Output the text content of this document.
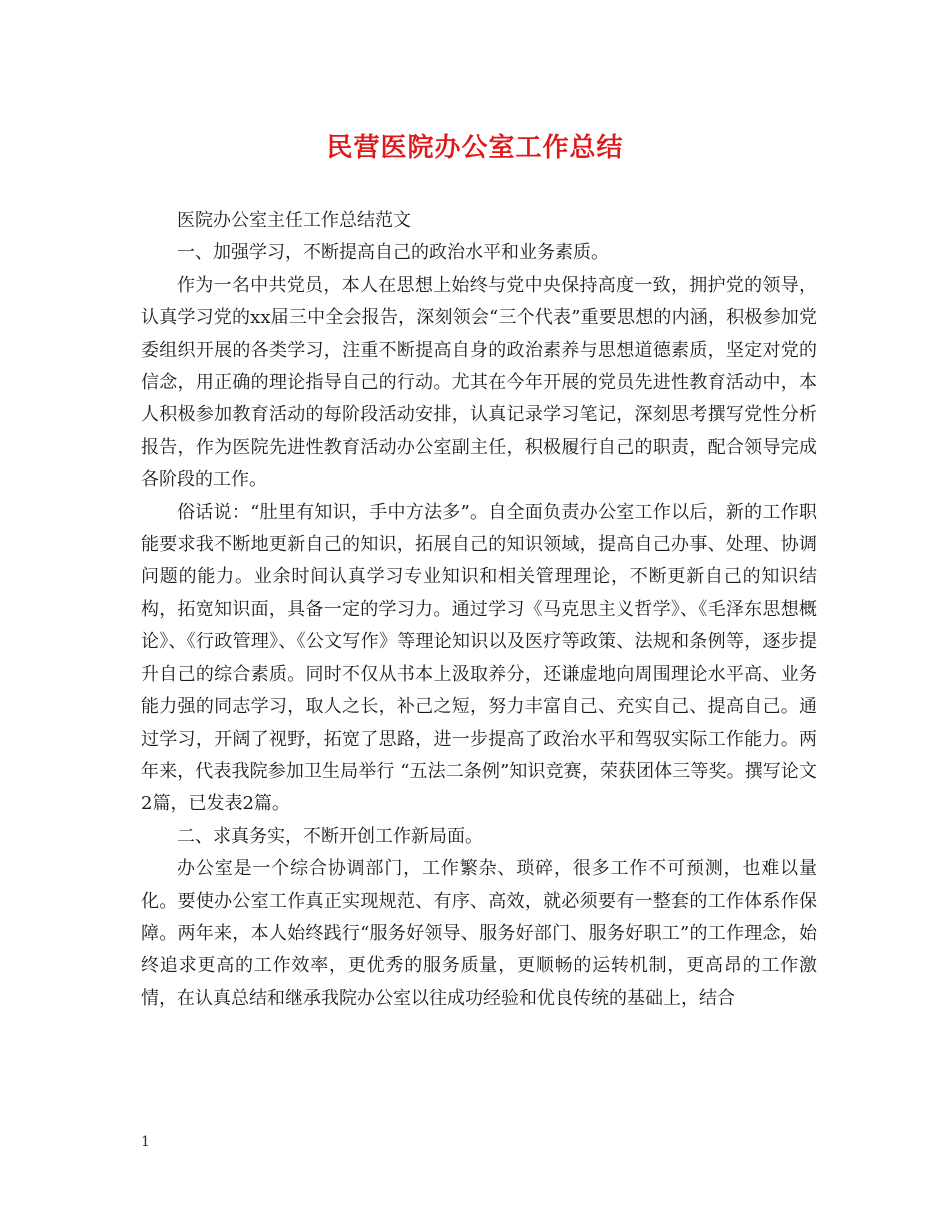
民营医院办公室工作总结

医院办公室主任工作总结范文

一、加强学习，不断提高自己的政治水平和业务素质。

作为一名中共党员，本人在思想上始终与党中央保持高度一致，拥护党的领导，认真学习党的xx届三中全会报告，深刻领会“三个代表”重要思想的内涵，积极参加党委组织开展的各类学习，注重不断提高自身的政治素养与思想道德素质，坚定对党的信念，用正确的理论指导自己的行动。尤其在今年开展的党员先进性教育活动中，本人积极参加教育活动的每阶段活动安排，认真记录学习笔记，深刻思考撰写党性分析报告，作为医院先进性教育活动办公室副主任，积极履行自己的职责，配合领导完成各阶段的工作。

俗话说：“肚里有知识，手中方法多”。自全面负责办公室工作以后，新的工作职能要求我不断地更新自己的知识，拓展自己的知识领域，提高自己办事、处理、协调问题的能力。业余时间认真学习专业知识和相关管理理论，不断更新自己的知识结构，拓宽知识面，具备一定的学习力。通过学习《马克思主义哲学》、《毛泽东思想概论》、《行政管理》、《公文写作》等理论知识以及医疗等政策、法规和条例等，逐步提升自己的综合素质。同时不仅从书本上汲取养分，还谦虚地向周围理论水平高、业务能力强的同志学习，取人之长，补己之短，努力丰富自己、充实自己、提高自己。通过学习，开阔了视野，拓宽了思路，进一步提高了政治水平和驾驭实际工作能力。两年来，代表我院参加卫生局举行 “五法二条例”知识竞赛，荣获团体三等奖。撰写论文2篇，已发表2篇。

二、求真务实，不断开创工作新局面。

办公室是一个综合协调部门，工作繁杂、琐碎，很多工作不可预测，也难以量化。要使办公室工作真正实现规范、有序、高效，就必须要有一整套的工作体系作保障。两年来，本人始终践行“服务好领导、服务好部门、服务好职工”的工作理念，始终追求更高的工作效率，更优秀的服务质量，更顺畅的运转机制，更高昂的工作激情，在认真总结和继承我院办公室以往成功经验和优良传统的基础上，结合

1
